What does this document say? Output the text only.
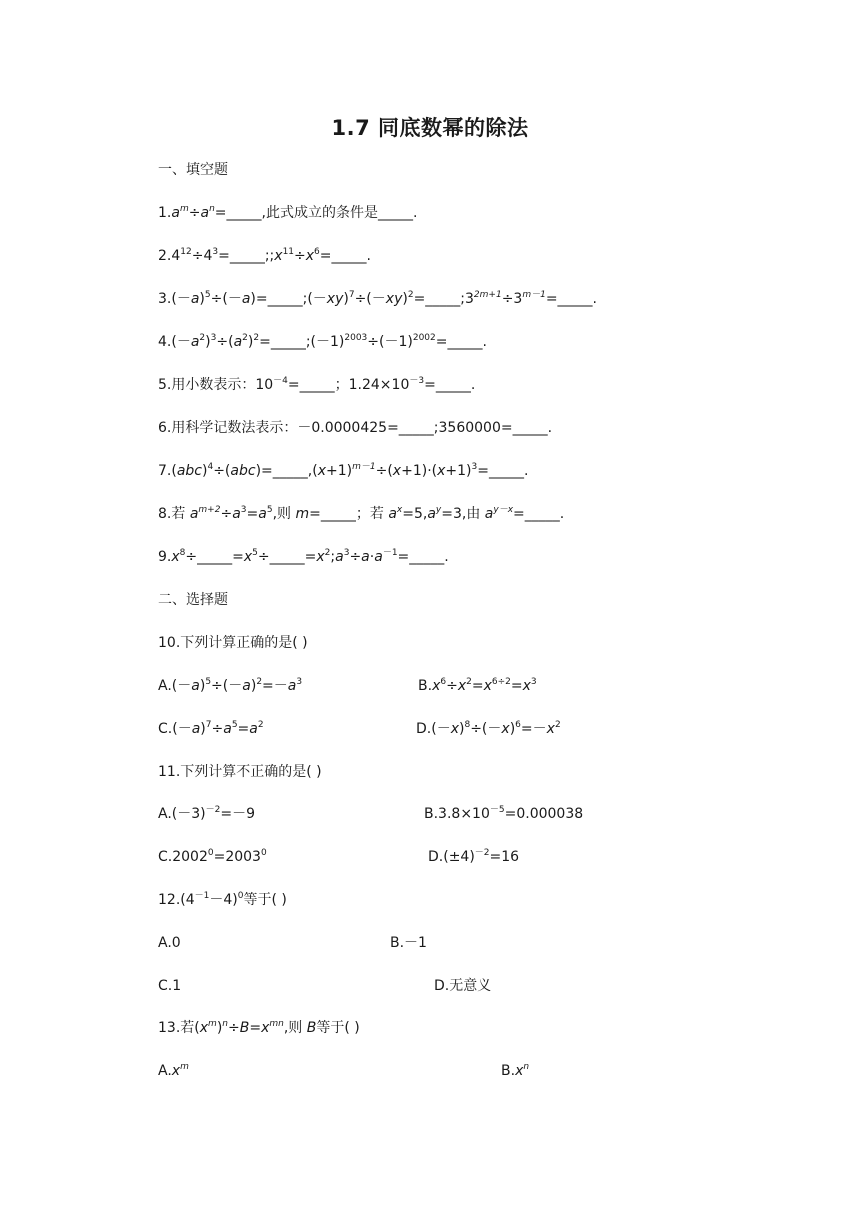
1.7 同底数幂的除法
一、填空题
$1.a^m\div a^n=\_\_\_\_\_$,此式成立的条件是_____.
$2.4^{12}\div 4^3=\_\_\_\_\_;;x^{11}\div x^6=\_\_\_\_\_$.
$3.(-a)^5\div(-a)=\_\_\_\_\_;(-xy)^7\div(-xy)^2=\_\_\_\_\_;3^{2m+1}\div 3^{m-1}=\_\_\_\_\_$.
$4.(-a^2)^3\div(a^2)^2=\_\_\_\_\_;(-1)^{2003}\div(-1)^{2002}=\_\_\_\_\_$.
5.用小数表示：$10^{-4}=\_\_\_\_\_$；$1.24\times 10^{-3}=\_\_\_\_\_$.
6.用科学记数法表示：－0.0000425=_____;3560000=_____.
$7.(abc)^4\div(abc)=\_\_\_\_\_,(x+1)^{m-1}\div(x+1)\cdot(x+1)^3=\_\_\_\_\_$.
8.若 $a^{m+2}\div a^3=a^5$,则 m=_____；若 $a^x=5,a^y=3$,由 $a^{y-x}=\_\_\_\_\_$.
$9.x^8\div\_\_\_\_\_=x^5\div\_\_\_\_\_=x^2;a^3\div a\cdot a^{-1}=\_\_\_\_\_$.
二、选择题
10.下列计算正确的是( )
$A.(-a)^5\div(-a)^2=-a^3$	$B.x^6\div x^2=x^{6\div 2}=x^3$
$C.(-a)^7\div a^5=a^2$	$D.(-x)^8\div(-x)^6=-x^2$
11.下列计算不正确的是( )
$A.(-3)^{-2}=-9$	$B.3.8\times 10^{-5}=0.000038$
$C.2002^0=2003^0$	$D.(\pm 4)^{-2}=16$
$12.(4^{-1}-4)^0$等于( )
A.0	B.－1
C.1	D.无意义
13.若$(x^m)^n\div B=x^{mn}$,则 B等于( )
$A.x^m$	$B.x^n$
